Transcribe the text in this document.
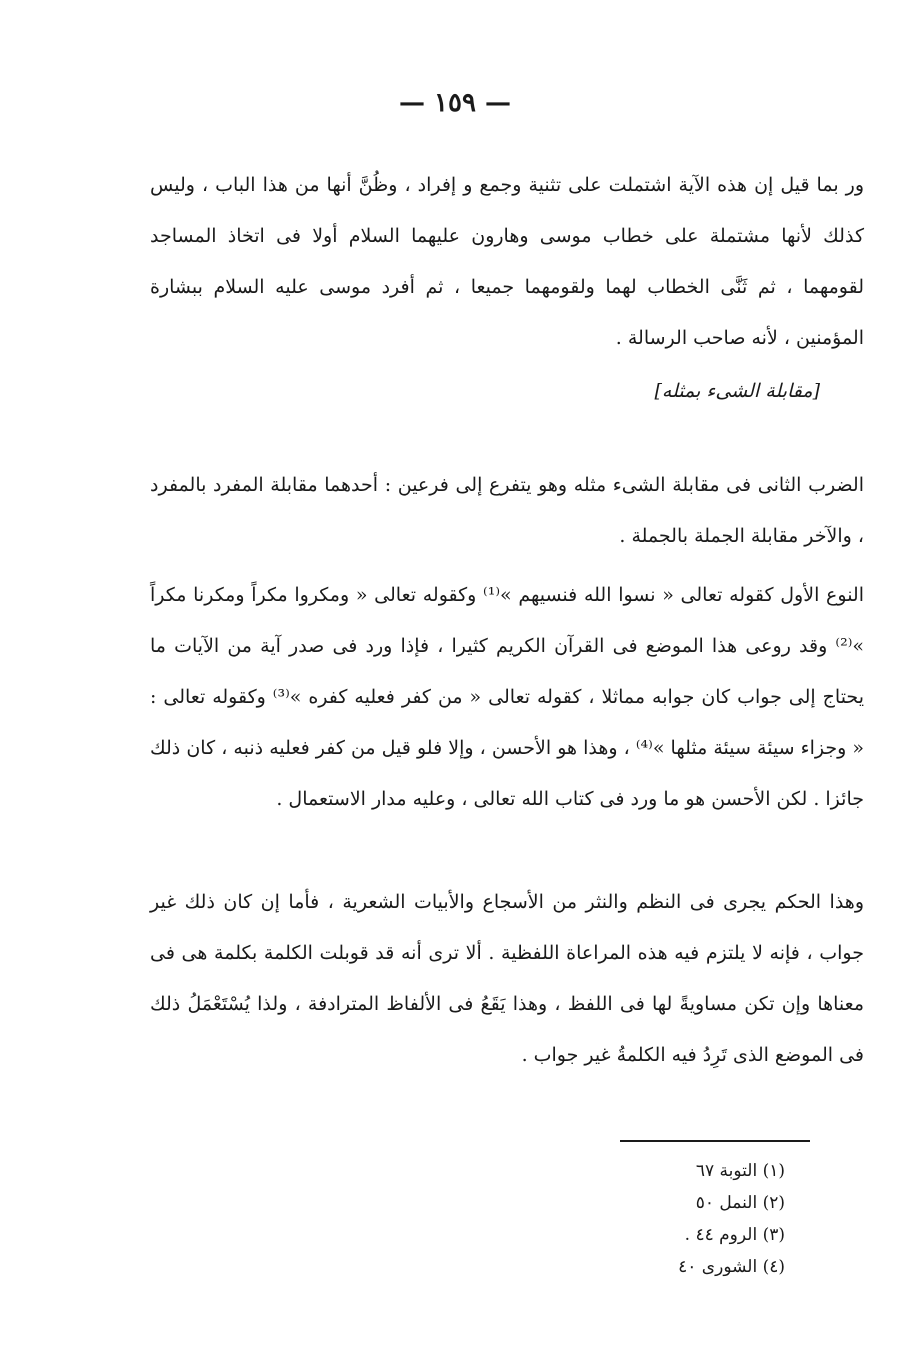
— ١٥٩ —

ور بما قيل إن هذه الآية اشتملت على تثنية وجمع و إفراد ، وظُنَّ أنها من هذا الباب ، وليس كذلك لأنها مشتملة على خطاب موسى وهارون عليهما السلام أولا فى اتخاذ المساجد لقومهما ، ثم ثَنَّى الخطاب لهما ولقومهما جميعا ، ثم أفرد موسى عليه السلام ببشارة المؤمنين ، لأنه صاحب الرسالة .

[مقابلة الشىء بمثله]

الضرب الثانى فى مقابلة الشىء مثله وهو يتفرع إلى فرعين : أحدهما مقابلة المفرد بالمفرد ، والآخر مقابلة الجملة بالجملة .

النوع الأول كقوله تعالى « نسوا الله فنسيهم »⁽¹⁾ وكقوله تعالى « ومكروا مكراً ومكرنا مكراً »⁽²⁾ وقد روعى هذا الموضع فى القرآن الكريم كثيرا ، فإذا ورد فى صدر آية من الآيات ما يحتاج إلى جواب كان جوابه مماثلا ، كقوله تعالى « من كفر فعليه كفره »⁽³⁾ وكقوله تعالى : « وجزاء سيئة سيئة مثلها »⁽⁴⁾ ، وهذا هو الأحسن ، وإلا فلو قيل من كفر فعليه ذنبه ، كان ذلك جائزا . لكن الأحسن هو ما ورد فى كتاب الله تعالى ، وعليه مدار الاستعمال .

وهذا الحكم يجرى فى النظم والنثر من الأسجاع والأبيات الشعرية ، فأما إن كان ذلك غير جواب ، فإنه لا يلتزم فيه هذه المراعاة اللفظية . ألا ترى أنه قد قوبلت الكلمة بكلمة هى فى معناها وإن تكن مساويةً لها فى اللفظ ، وهذا يَقَعُ فى الألفاظ المترادفة ، ولذا يُسْتَعْمَلُ ذلك فى الموضع الذى تَرِدُ فيه الكلمةُ غير جواب .

(١) التوبة ٦٧
(٢) النمل ٥٠
(٣) الروم ٤٤ .
(٤) الشورى ٤٠
